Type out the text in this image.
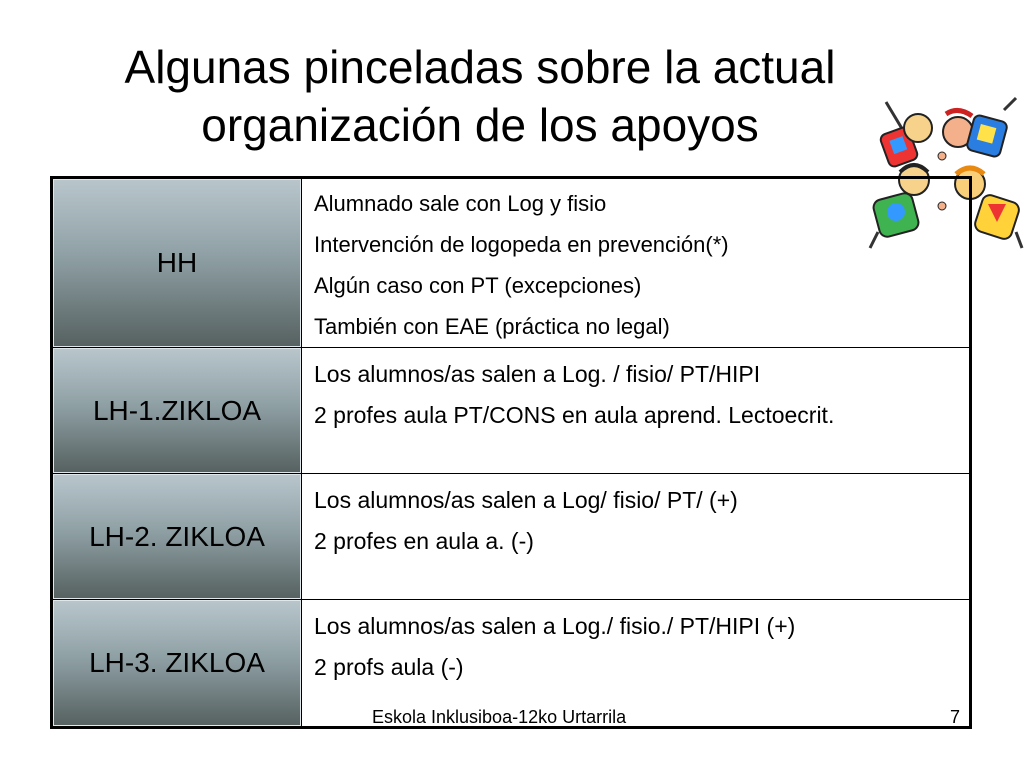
Algunas pinceladas sobre la actual
organización de los apoyos
HH	Alumnado sale con Log y fisio
Intervención de logopeda en prevención(*)
Algún caso con PT (excepciones)
También con EAE (práctica no legal)

LH-1.ZIKLOA	Los alumnos/as salen a Log. / fisio/ PT/HIPI
2 profes aula PT/CONS en aula aprend. Lectoecrit.

LH-2. ZIKLOA	Los alumnos/as salen a Log/ fisio/ PT/ (+)
2 profes en aula a. (-)

LH-3. ZIKLOA	Los alumnos/as salen a Log./ fisio./ PT/HIPI (+)
2 profs aula (-)
Eskola Inklusiboa-12ko Urtarrila	7
